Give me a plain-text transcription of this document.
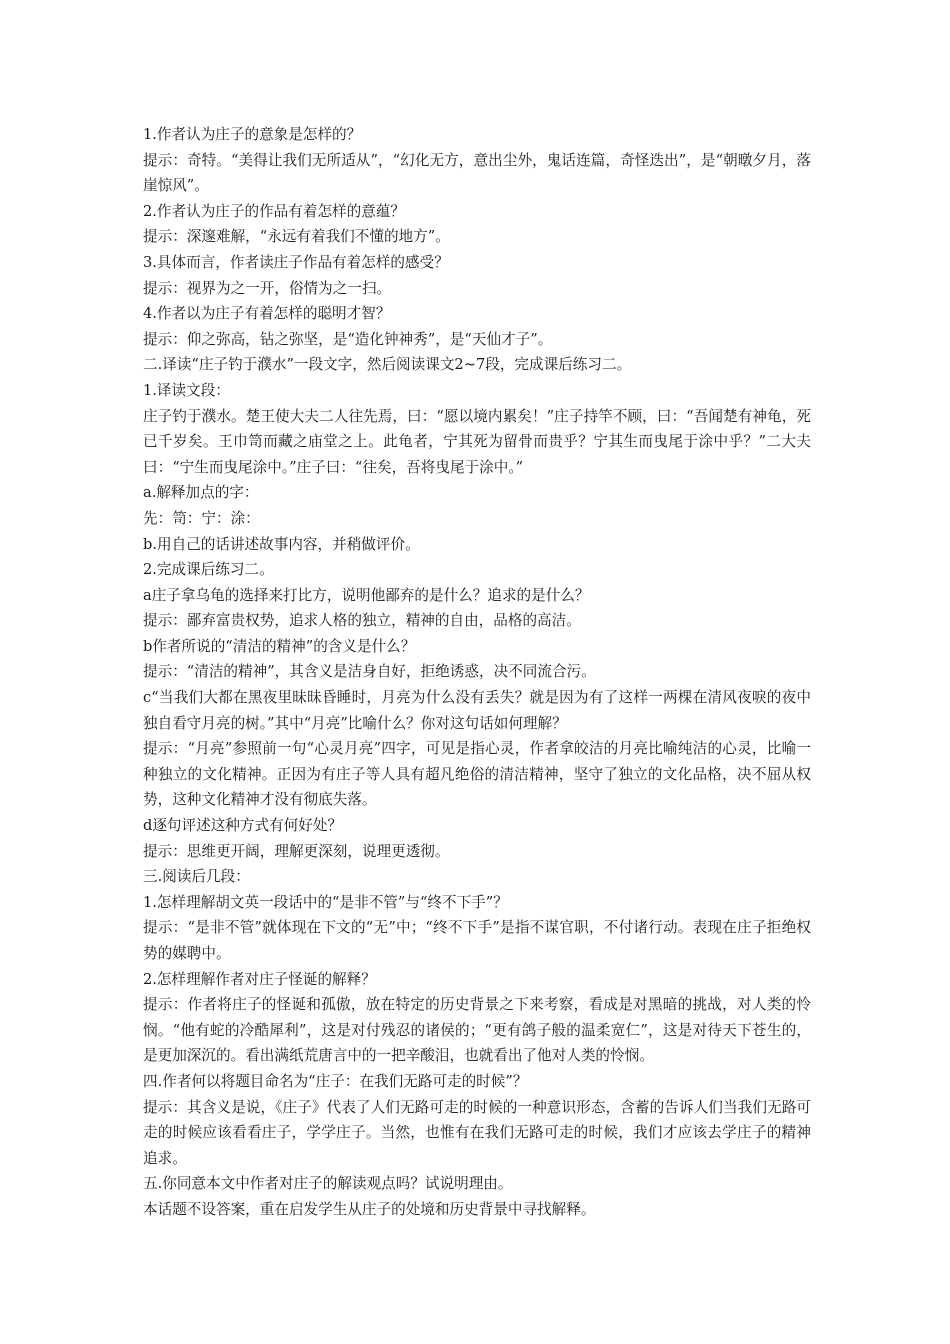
1.作者认为庄子的意象是怎样的？

提示：奇特。“美得让我们无所适从”，“幻化无方，意出尘外，鬼话连篇，奇怪迭出”，是“朝暾夕月，落崖惊风”。

2.作者认为庄子的作品有着怎样的意蕴？

提示：深邃难解，“永远有着我们不懂的地方”。

3.具体而言，作者读庄子作品有着怎样的感受？

提示：视界为之一开，俗情为之一扫。

4.作者以为庄子有着怎样的聪明才智？

提示：仰之弥高，钻之弥坚，是“造化钟神秀”，是“天仙才子”。

二.译读“庄子钓于濮水”一段文字，然后阅读课文2~7段，完成课后练习二。

1.译读文段：

庄子钓于濮水。楚王使大夫二人往先焉，曰：“愿以境内累矣！”庄子持竿不顾，曰：“吾闻楚有神龟，死已千岁矣。王巾笥而藏之庙堂之上。此龟者，宁其死为留骨而贵乎？宁其生而曳尾于涂中乎？”二大夫曰：“宁生而曳尾涂中。”庄子曰：“往矣，吾将曳尾于涂中。”

a.解释加点的字：

先：笥：宁：涂：

b.用自己的话讲述故事内容，并稍做评价。

2.完成课后练习二。

a庄子拿乌龟的选择来打比方，说明他鄙弃的是什么？追求的是什么？

提示：鄙弃富贵权势，追求人格的独立，精神的自由，品格的高洁。

b作者所说的“清洁的精神”的含义是什么？

提示：“清洁的精神”，其含义是洁身自好，拒绝诱惑，决不同流合污。

c“当我们大都在黑夜里昧昧昏睡时，月亮为什么没有丢失？就是因为有了这样一两棵在清风夜唳的夜中独自看守月亮的树。”其中“月亮”比喻什么？你对这句话如何理解？

提示：“月亮”参照前一句“心灵月亮”四字，可见是指心灵，作者拿皎洁的月亮比喻纯洁的心灵，比喻一种独立的文化精神。正因为有庄子等人具有超凡绝俗的清洁精神，坚守了独立的文化品格，决不屈从权势，这种文化精神才没有彻底失落。

d逐句评述这种方式有何好处？

提示：思维更开阔，理解更深刻，说理更透彻。

三.阅读后几段：

1.怎样理解胡文英一段话中的“是非不管”与“终不下手”？

提示：“是非不管”就体现在下文的“无”中；“终不下手”是指不谋官职，不付诸行动。表现在庄子拒绝权势的媒聘中。

2.怎样理解作者对庄子怪诞的解释？

提示：作者将庄子的怪诞和孤傲，放在特定的历史背景之下来考察，看成是对黑暗的挑战，对人类的怜悯。“他有蛇的冷酷犀利”，这是对付残忍的诸侯的；“更有鸽子般的温柔宽仁”，这是对待天下苍生的，是更加深沉的。看出满纸荒唐言中的一把辛酸泪，也就看出了他对人类的怜悯。

四.作者何以将题目命名为“庄子：在我们无路可走的时候”？

提示：其含义是说，《庄子》代表了人们无路可走的时候的一种意识形态，含蓄的告诉人们当我们无路可走的时候应该看看庄子，学学庄子。当然，也惟有在我们无路可走的时候，我们才应该去学庄子的精神追求。

五.你同意本文中作者对庄子的解读观点吗？试说明理由。

本话题不设答案，重在启发学生从庄子的处境和历史背景中寻找解释。
